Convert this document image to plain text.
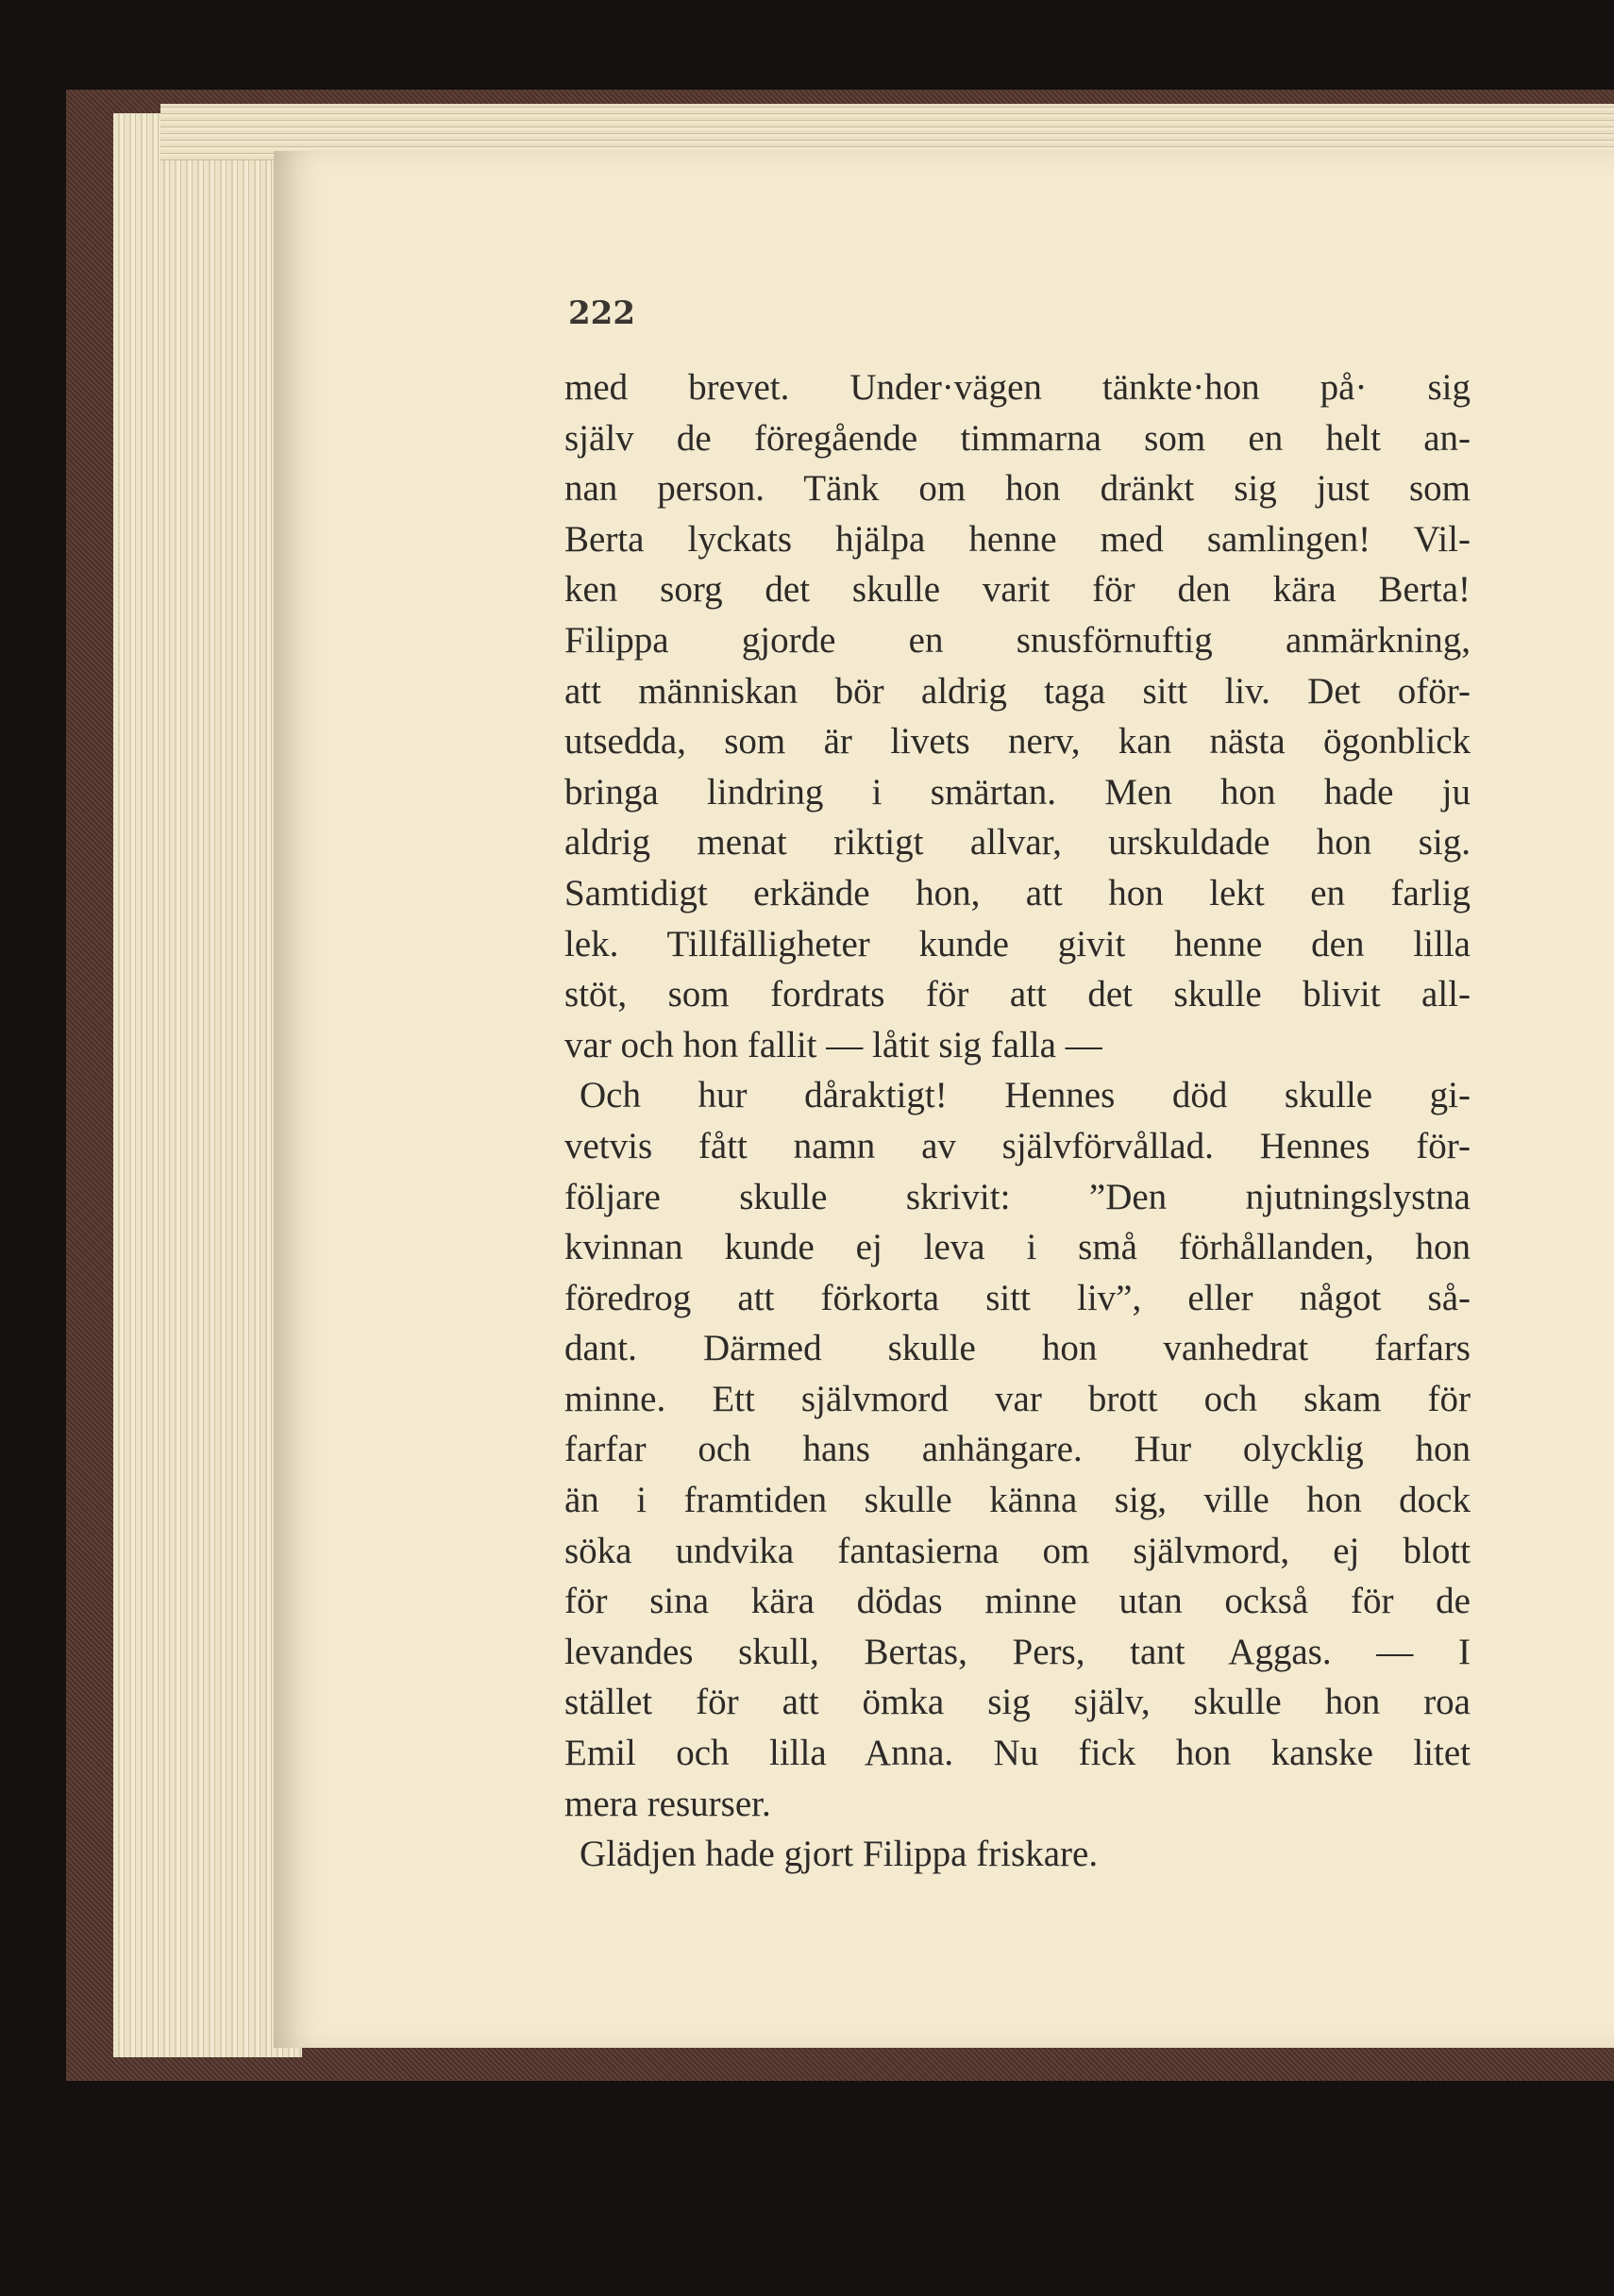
222
med brevet. Under·vägen tänkte·hon på· sig
själv de föregående timmarna som en helt an-
nan person. Tänk om hon dränkt sig just som
Berta lyckats hjälpa henne med samlingen! Vil-
ken sorg det skulle varit för den kära Berta!
Filippa gjorde en snusförnuftig anmärkning,
att människan bör aldrig taga sitt liv. Det oför-
utsedda, som är livets nerv, kan nästa ögonblick
bringa lindring i smärtan. Men hon hade ju
aldrig menat riktigt allvar, urskuldade hon sig.
Samtidigt erkände hon, att hon lekt en farlig
lek. Tillfälligheter kunde givit henne den lilla
stöt, som fordrats för att det skulle blivit all-
var och hon fallit — låtit sig falla —
Och hur dåraktigt! Hennes död skulle gi-
vetvis fått namn av självförvållad. Hennes för-
följare skulle skrivit: ”Den njutningslystna
kvinnan kunde ej leva i små förhållanden, hon
föredrog att förkorta sitt liv”, eller något så-
dant. Därmed skulle hon vanhedrat farfars
minne. Ett självmord var brott och skam för
farfar och hans anhängare. Hur olycklig hon
än i framtiden skulle känna sig, ville hon dock
söka undvika fantasierna om självmord, ej blott
för sina kära dödas minne utan också för de
levandes skull, Bertas, Pers, tant Aggas. — I
stället för att ömka sig själv, skulle hon roa
Emil och lilla Anna. Nu fick hon kanske litet
mera resurser.
Glädjen hade gjort Filippa friskare.
